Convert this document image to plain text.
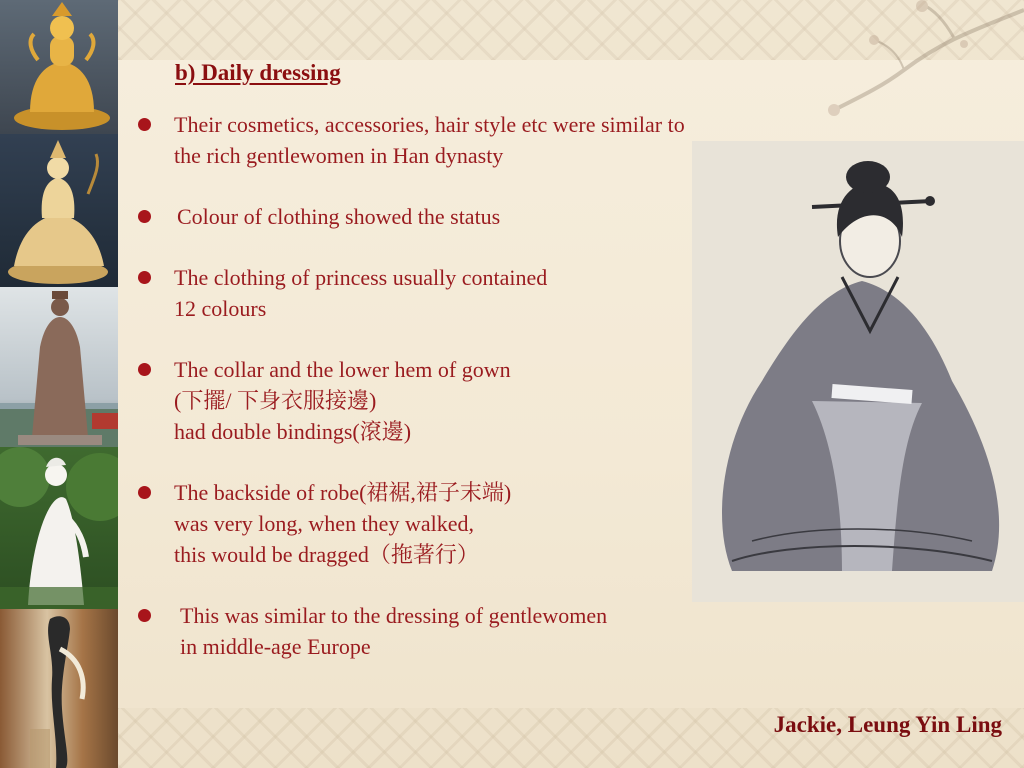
b) Daily dressing
Their cosmetics, accessories, hair style etc were similar to
the rich gentlewomen in Han dynasty
Colour of clothing showed the status
The clothing of princess usually contained
12 colours
The collar and the lower hem of gown
(下擺/ 下身衣服接邊)
had double bindings(滾邊)
The backside of robe(裙裾,裙子末端)
was very long, when they walked,
this would be dragged（拖著行）
This was similar to the dressing of gentlewomen
in middle-age Europe
Jackie, Leung Yin Ling
